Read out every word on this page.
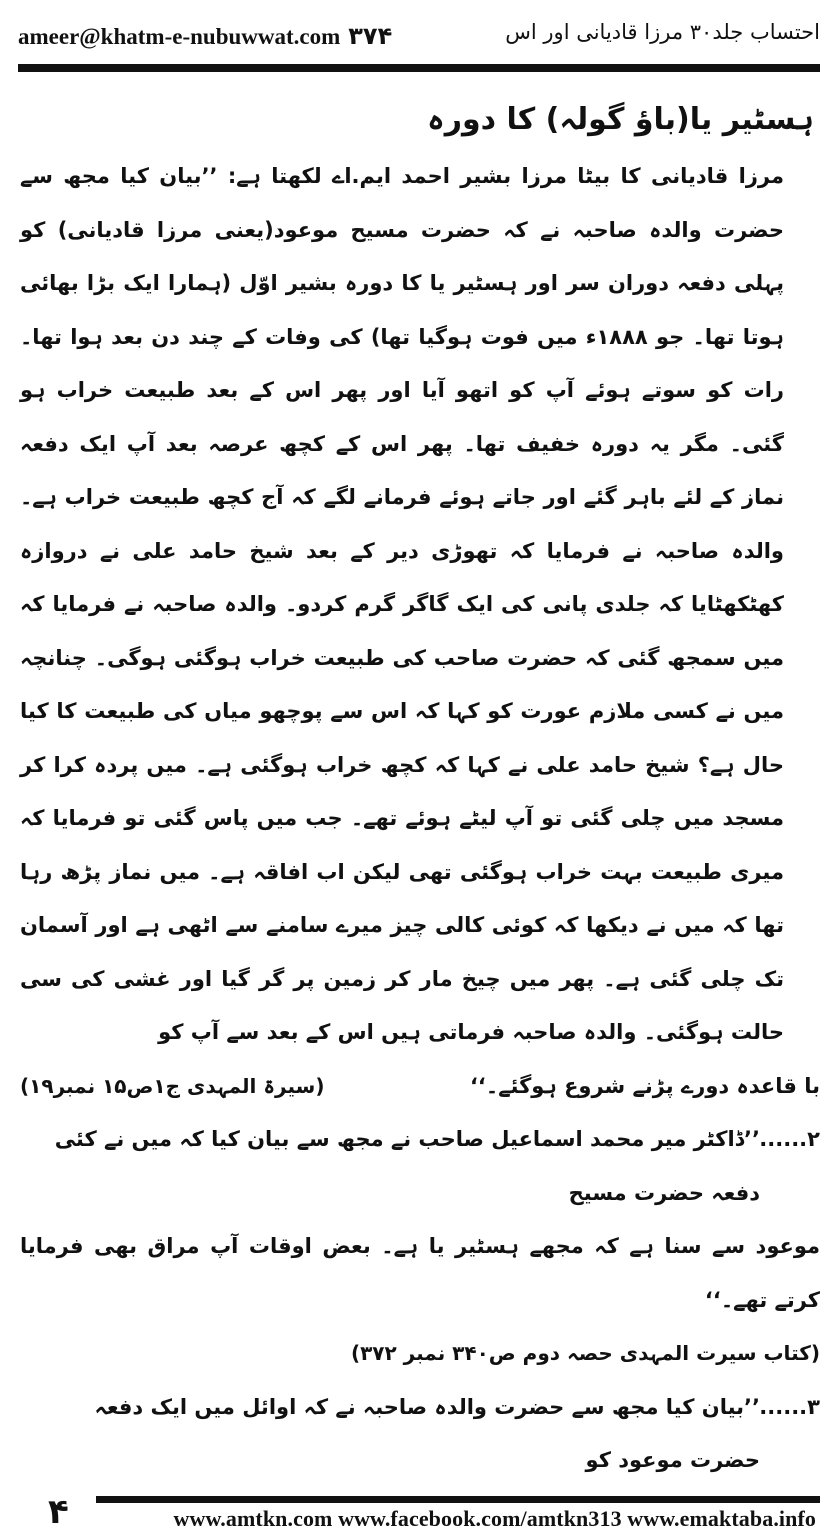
ameer@khatm-e-nubuwwat.com ۳۷۴	احتساب جلد۳۰ مرزا قادیانی اور اس
ہسٹیر یا(باؤ گولہ) کا دورہ

مرزا قادیانی کا بیٹا مرزا بشیر احمد ایم.اے لکھتا ہے: ’’بیان کیا مجھ سے حضرت والدہ صاحبہ نے کہ حضرت مسیح موعود(یعنی مرزا قادیانی) کو پہلی دفعہ دوران سر اور ہسٹیر یا کا دورہ بشیر اوّل (ہمارا ایک بڑا بھائی ہوتا تھا۔ جو ۱۸۸۸ء میں فوت ہوگیا تھا) کی وفات کے چند دن بعد ہوا تھا۔ رات کو سوتے ہوئے آپ کو اتھو آیا اور پھر اس کے بعد طبیعت خراب ہو گئی۔ مگر یہ دورہ خفیف تھا۔ پھر اس کے کچھ عرصہ بعد آپ ایک دفعہ نماز کے لئے باہر گئے اور جاتے ہوئے فرمانے لگے کہ آج کچھ طبیعت خراب ہے۔ والدہ صاحبہ نے فرمایا کہ تھوڑی دیر کے بعد شیخ حامد علی نے دروازہ کھٹکھٹایا کہ جلدی پانی کی ایک گاگر گرم کردو۔ والدہ صاحبہ نے فرمایا کہ میں سمجھ گئی کہ حضرت صاحب کی طبیعت خراب ہوگئی ہوگی۔ چنانچہ میں نے کسی ملازم عورت کو کہا کہ اس سے پوچھو میاں کی طبیعت کا کیا حال ہے؟ شیخ حامد علی نے کہا کہ کچھ خراب ہوگئی ہے۔ میں پردہ کرا کر مسجد میں چلی گئی تو آپ لیٹے ہوئے تھے۔ جب میں پاس گئی تو فرمایا کہ میری طبیعت بہت خراب ہوگئی تھی لیکن اب افاقہ ہے۔ میں نماز پڑھ رہا تھا کہ میں نے دیکھا کہ کوئی کالی چیز میرے سامنے سے اٹھی ہے اور آسمان تک چلی گئی ہے۔ پھر میں چیخ مار کر زمین پر گر گیا اور غشی کی سی حالت ہوگئی۔ والدہ صاحبہ فرماتی ہیں اس کے بعد سے آپ کو

با قاعدہ دورے پڑنے شروع ہوگئے۔‘‘
(سیرۃ المہدی ج۱ص۱۵ نمبر۱۹)
۲......
’’ڈاکٹر میر محمد اسماعیل صاحب نے مجھ سے بیان کیا کہ میں نے کئی دفعہ حضرت مسیح

موعود سے سنا ہے کہ مجھے ہسٹیر یا ہے۔ بعض اوقات آپ مراق بھی فرمایا کرتے تھے۔‘‘

(کتاب سیرت المہدی حصہ دوم ص۳۴۰ نمبر ۳۷۲)
۳......
’’بیان کیا مجھ سے حضرت والدہ صاحبہ نے کہ اوائل میں ایک دفعہ حضرت موعود کو
۴	www.amtkn.com www.facebook.com/amtkn313 www.emaktaba.info
